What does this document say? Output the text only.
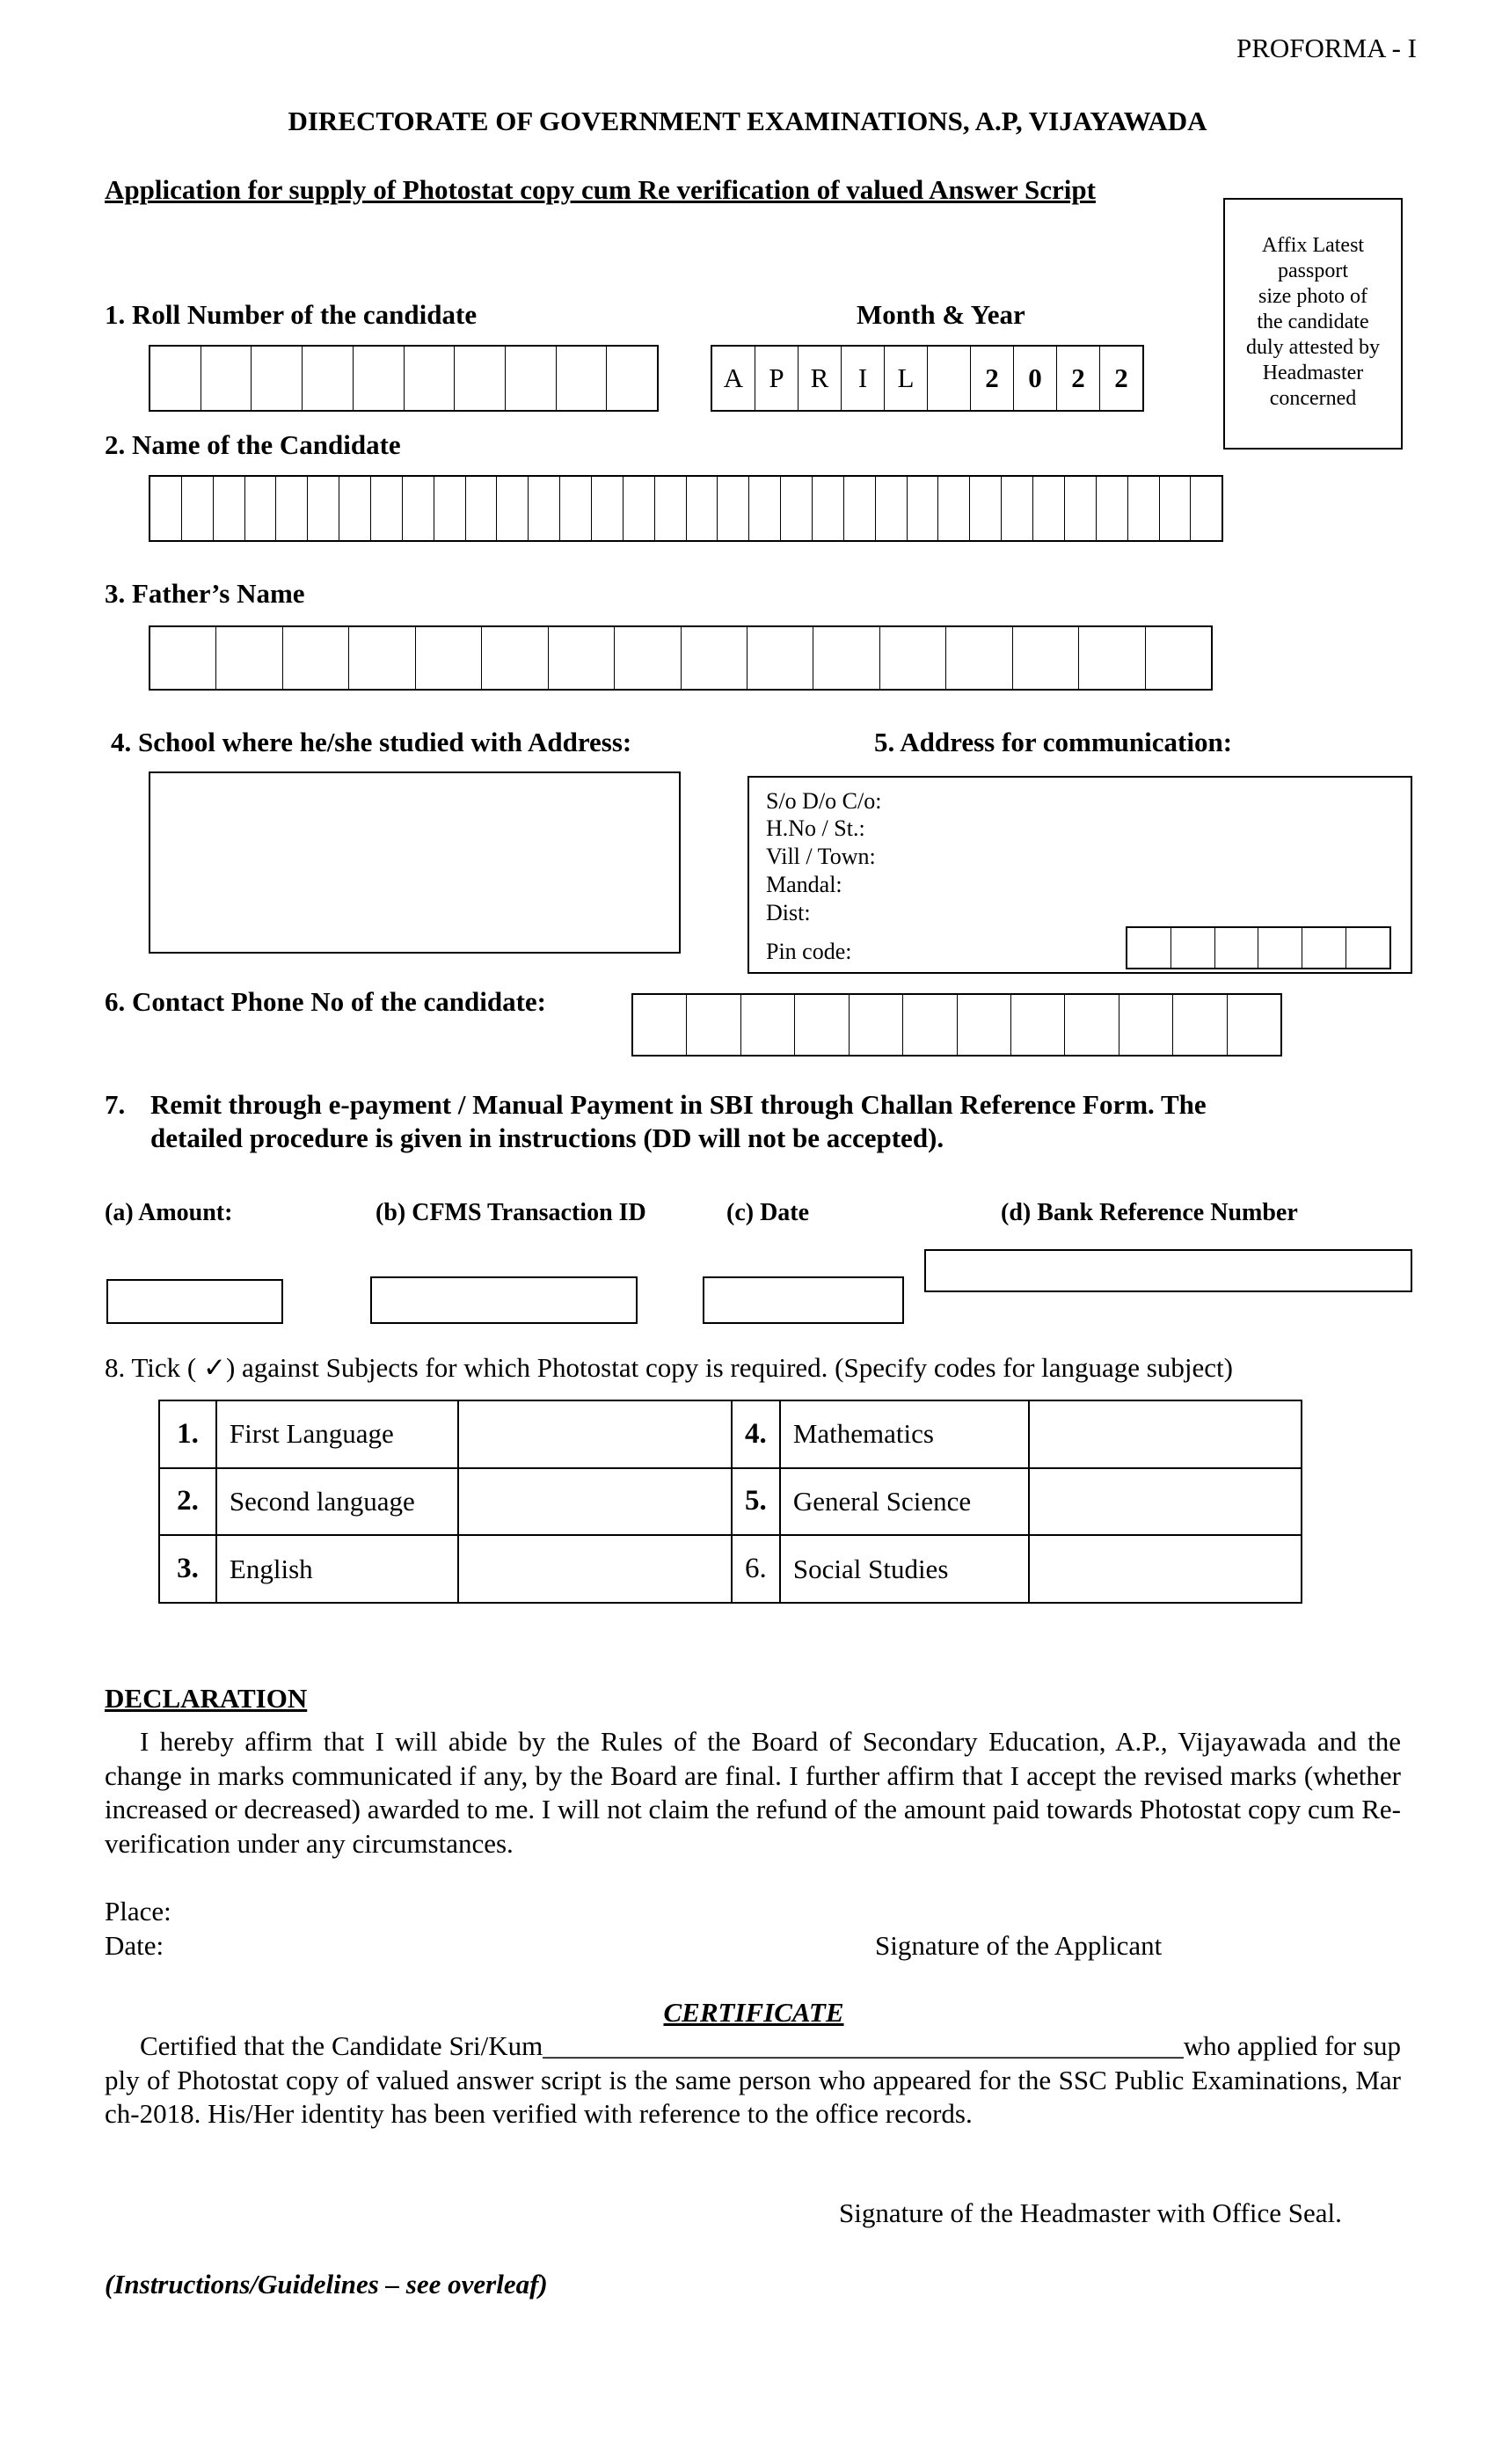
PROFORMA - I
DIRECTORATE OF GOVERNMENT EXAMINATIONS, A.P, VIJAYAWADA
Application for supply of Photostat copy cum Re verification of valued Answer Script
Affix Latest
passport
size photo of
the candidate
duly attested by
Headmaster
concerned
1. Roll Number of the candidate	Month & Year
A P R	I	L	2	0	2	2
2. Name of the Candidate
3. Father’s Name
4. School where he/she studied with Address:	5. Address for communication:
S/o D/o C/o:
H.No / St.:
Vill / Town:
Mandal:
Dist:
Pin code:
6. Contact Phone No of the candidate:
7. Remit through e-payment / Manual Payment in SBI through Challan Reference Form. The
detailed procedure is given in instructions (DD will not be accepted).
(a) Amount:	(b) CFMS Transaction ID	(c) Date	(d) Bank Reference Number
8. Tick ( ✓) against Subjects for which Photostat copy is required. (Specify codes for language subject)
1.	First Language		4.	Mathematics	
2.	Second language		5.	General Science	
3.	English		6.	Social Studies	
DECLARATION
I hereby affirm that I will abide by the Rules of the Board of Secondary Education, A.P., Vijayawada and the change in marks communicated if any, by the Board are final. I further affirm that I accept the revised marks (whether increased or decreased) awarded to me. I will not claim the refund of the amount paid towards Photostat copy cum Re-verification under any circumstances.
Place:
Date:	Signature of the Applicant
CERTIFICATE
Certified that the Candidate Sri/Kum_______________________________________________who applied for supply of Photostat copy of valued answer script is the same person who appeared for the SSC Public Examinations, March-2018. His/Her identity has been verified with reference to the office records.
Signature of the Headmaster with Office Seal.
(Instructions/Guidelines – see overleaf)
